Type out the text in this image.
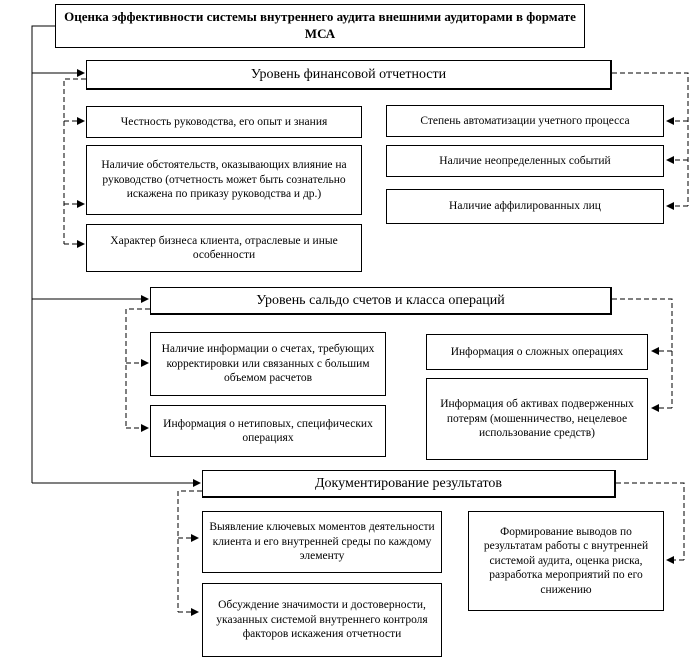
Оценка эффективности системы внутреннего аудита внешними аудиторами в формате МСА
Уровень финансовой отчетности
Честность руководства, его опыт и знания
Наличие обстоятельств, оказывающих влияние на руководство (отчетность может быть сознательно искажена по приказу руководства и др.)
Характер бизнеса клиента, отраслевые и иные особенности
Степень автоматизации учетного процесса
Наличие неопределенных событий
Наличие аффилированных лиц
Уровень сальдо счетов и класса операций
Наличие информации о счетах, требующих корректировки или связанных с большим объемом расчетов
Информация о нетиповых, специфических операциях
Информация о сложных операциях
Информация об активах подверженных потерям (мошенничество, нецелевое использование средств)
Документирование результатов
Выявление ключевых моментов деятельности клиента и его внутренней среды по каждому элементу
Обсуждение значимости и достоверности, указанных системой внутреннего контроля факторов искажения отчетности
Формирование выводов по результатам работы с внутренней системой аудита, оценка риска, разработка мероприятий по его снижению
